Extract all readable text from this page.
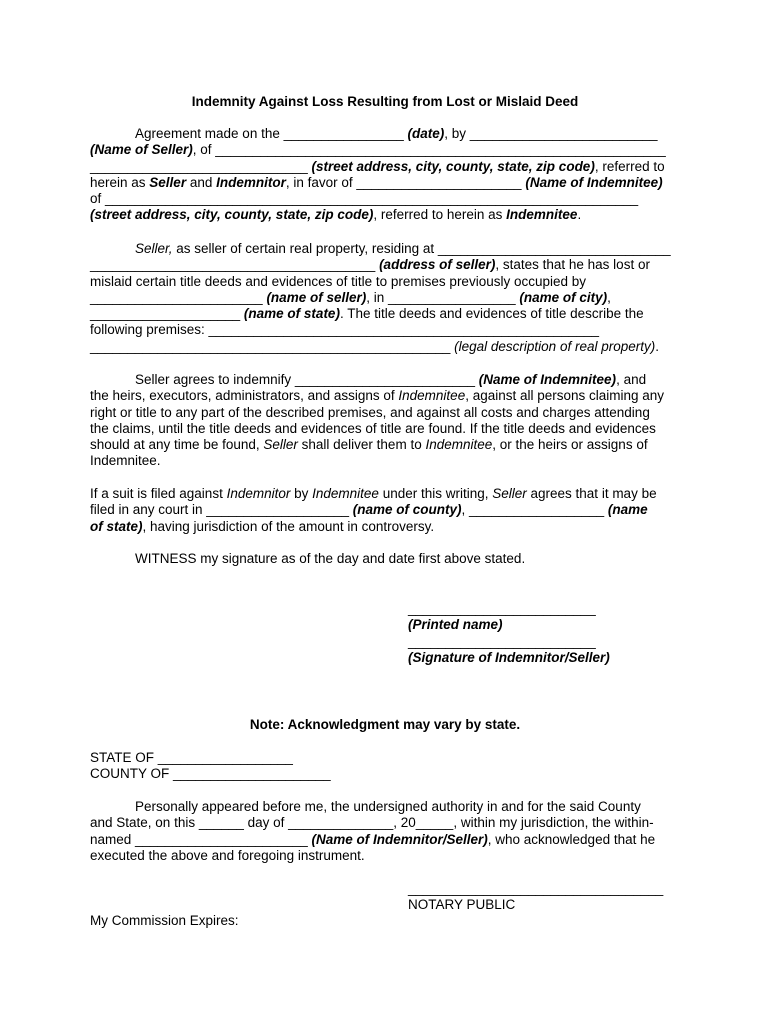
Indemnity Against Loss Resulting from Lost or Mislaid Deed
Agreement made on the ________________ (date), by _________________________
(Name of Seller), of ____________________________________________________________
_____________________________ (street address, city, county, state, zip code), referred to
herein as Seller and Indemnitor, in favor of ______________________ (Name of Indemnitee)
of _______________________________________________________________________
(street address, city, county, state, zip code), referred to herein as Indemnitee.
Seller, as seller of certain real property, residing at _______________________________
______________________________________ (address of seller), states that he has lost or
mislaid certain title deeds and evidences of title to premises previously occupied by
_______________________ (name of seller), in _________________ (name of city),
____________________ (name of state). The title deeds and evidences of title describe the
following premises: ____________________________________________________
________________________________________________ (legal description of real property).
Seller agrees to indemnify ________________________ (Name of Indemnitee), and
the heirs, executors, administrators, and assigns of Indemnitee, against all persons claiming any
right or title to any part of the described premises, and against all costs and charges attending
the claims, until the title deeds and evidences of title are found. If the title deeds and evidences
should at any time be found, Seller shall deliver them to Indemnitee, or the heirs or assigns of
Indemnitee.
If a suit is filed against Indemnitor by Indemnitee under this writing, Seller agrees that it may be
filed in any court in ___________________ (name of county), __________________ (name
of state), having jurisdiction of the amount in controversy.
WITNESS my signature as of the day and date first above stated.
_________________________
(Printed name)
_________________________
(Signature of Indemnitor/Seller)
Note: Acknowledgment may vary by state.
STATE OF __________________
COUNTY OF _____________________
Personally appeared before me, the undersigned authority in and for the said County
and State, on this ______ day of ______________, 20_____, within my jurisdiction, the within-
named _______________________ (Name of Indemnitor/Seller), who acknowledged that he
executed the above and foregoing instrument.
__________________________________
NOTARY PUBLIC
My Commission Expires:
